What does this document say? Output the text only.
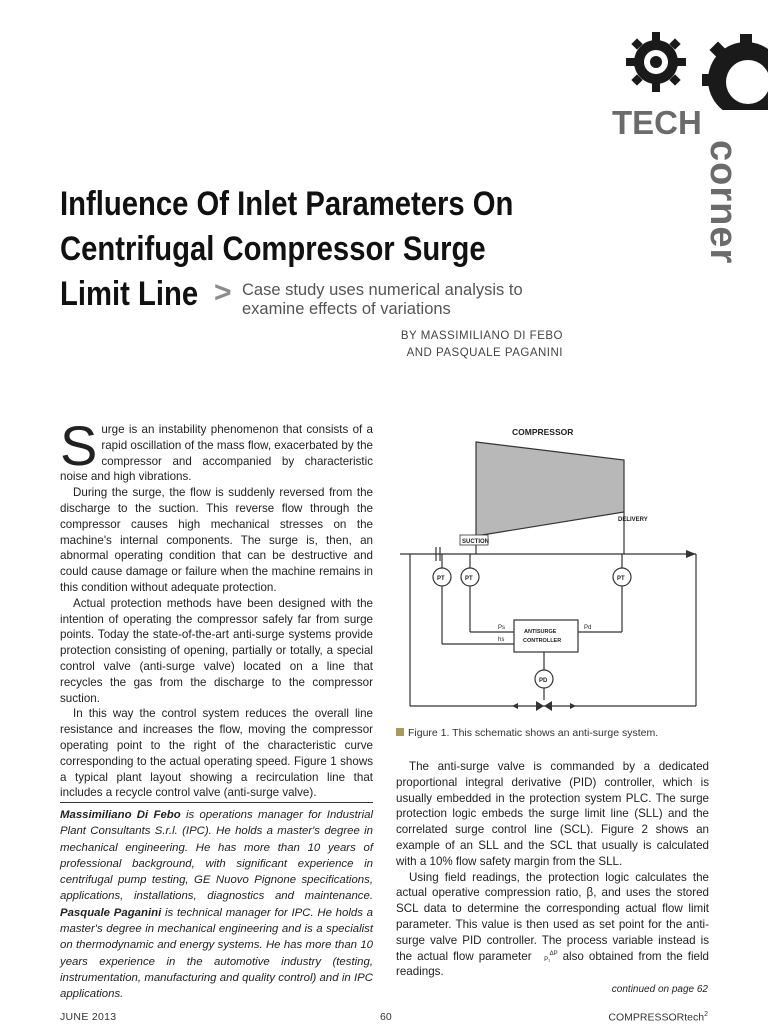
TECH
corner
Influence Of Inlet Parameters On
Centrifugal Compressor Surge
Limit Line > Case study uses numerical analysis to examine effects of variations
BY MASSIMILIANO DI FEBO
AND PASQUALE PAGANINI

Surge is an instability phenomenon that consists of a rapid oscillation of the mass flow, exacerbated by the compressor and accompanied by characteristic noise and high vibrations.

During the surge, the flow is suddenly reversed from the discharge to the suction. This reverse flow through the compressor causes high mechanical stresses on the machine's internal components. The surge is, then, an abnormal operating condition that can be destructive and could cause damage or failure when the machine remains in this condition without adequate protection.

Actual protection methods have been designed with the intention of operating the compressor safely far from surge points. Today the state-of-the-art anti-surge systems provide protection consisting of opening, partially or totally, a special control valve (anti-surge valve) located on a line that recycles the gas from the discharge to the compressor suction.

In this way the control system reduces the overall line resistance and increases the flow, moving the compressor operating point to the right of the characteristic curve corresponding to the actual operating speed. Figure 1 shows a typical plant layout showing a recirculation line that includes a recycle control valve (anti-surge valve).

Massimiliano Di Febo is operations manager for Industrial Plant Consultants S.r.l. (IPC). He holds a master's degree in mechanical engineering. He has more than 10 years of professional background, with significant experience in centrifugal pump testing, GE Nuovo Pignone specifications, applications, installations, diagnostics and maintenance. Pasquale Paganini is technical manager for IPC. He holds a master's degree in mechanical engineering and is a specialist on thermodynamic and energy systems. He has more than 10 years experience in the automotive industry (testing, instrumentation, manufacturing and quality control) and in IPC applications.
COMPRESSOR
SUCTION
DELIVERY
ANTISURGE
CONTROLLER
PT	PT	PT
PD
Ps	Pd
hs
Figure 1. This schematic shows an anti-surge system.

The anti-surge valve is commanded by a dedicated proportional integral derivative (PID) controller, which is usually embedded in the protection system PLC. The surge protection logic embeds the surge limit line (SLL) and the correlated surge control line (SCL). Figure 2 shows an example of an SLL and the SCL that usually is calculated with a 10% flow safety margin from the SLL.

Using field readings, the protection logic calculates the actual operative compression ratio, β, and uses the stored SCL data to determine the corresponding actual flow limit parameter. This value is then used as set point for the anti-surge valve PID controller. The process variable instead is the actual flow parameter ΔP
P₁ also obtained from the field readings.

continued on page 62
JUNE 2013	60	COMPRESSORtech$^2$
